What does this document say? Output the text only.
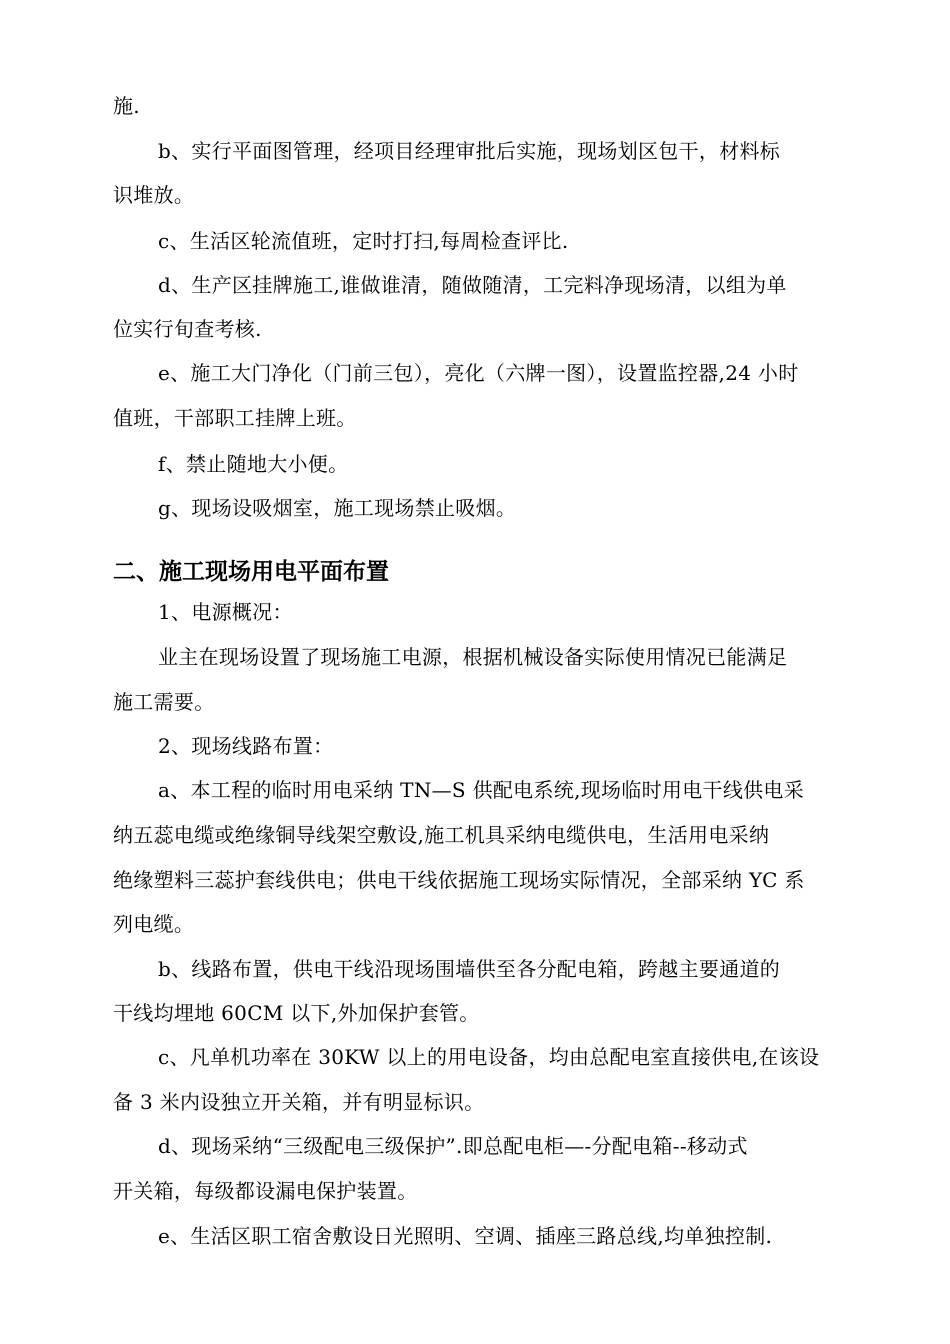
施.
b、实行平面图管理，经项目经理审批后实施，现场划区包干，材料标
识堆放。
c、生活区轮流值班，定时打扫,每周检查评比.
d、生产区挂牌施工,谁做谁清，随做随清，工完料净现场清，以组为单
位实行旬查考核.
e、施工大门净化（门前三包），亮化（六牌一图），设置监控器,24 小时
值班，干部职工挂牌上班。
f、禁止随地大小便。
g、现场设吸烟室，施工现场禁止吸烟。
二、施工现场用电平面布置
1、电源概况：
业主在现场设置了现场施工电源，根据机械设备实际使用情况已能满足
施工需要。
2、现场线路布置：
a、本工程的临时用电采纳 TN—S 供配电系统,现场临时用电干线供电采
纳五蕊电缆或绝缘铜导线架空敷设,施工机具采纳电缆供电，生活用电采纳
绝缘塑料三蕊护套线供电；供电干线依据施工现场实际情况，全部采纳 YC 系
列电缆。
b、线路布置，供电干线沿现场围墙供至各分配电箱，跨越主要通道的
干线均埋地 60CM 以下,外加保护套管。
c、凡单机功率在 30KW 以上的用电设备，均由总配电室直接供电,在该设
备 3 米内设独立开关箱，并有明显标识。
d、现场采纳“三级配电三级保护”.即总配电柜—-分配电箱--移动式
开关箱，每级都设漏电保护装置。
e、生活区职工宿舍敷设日光照明、空调、插座三路总线,均单独控制.
